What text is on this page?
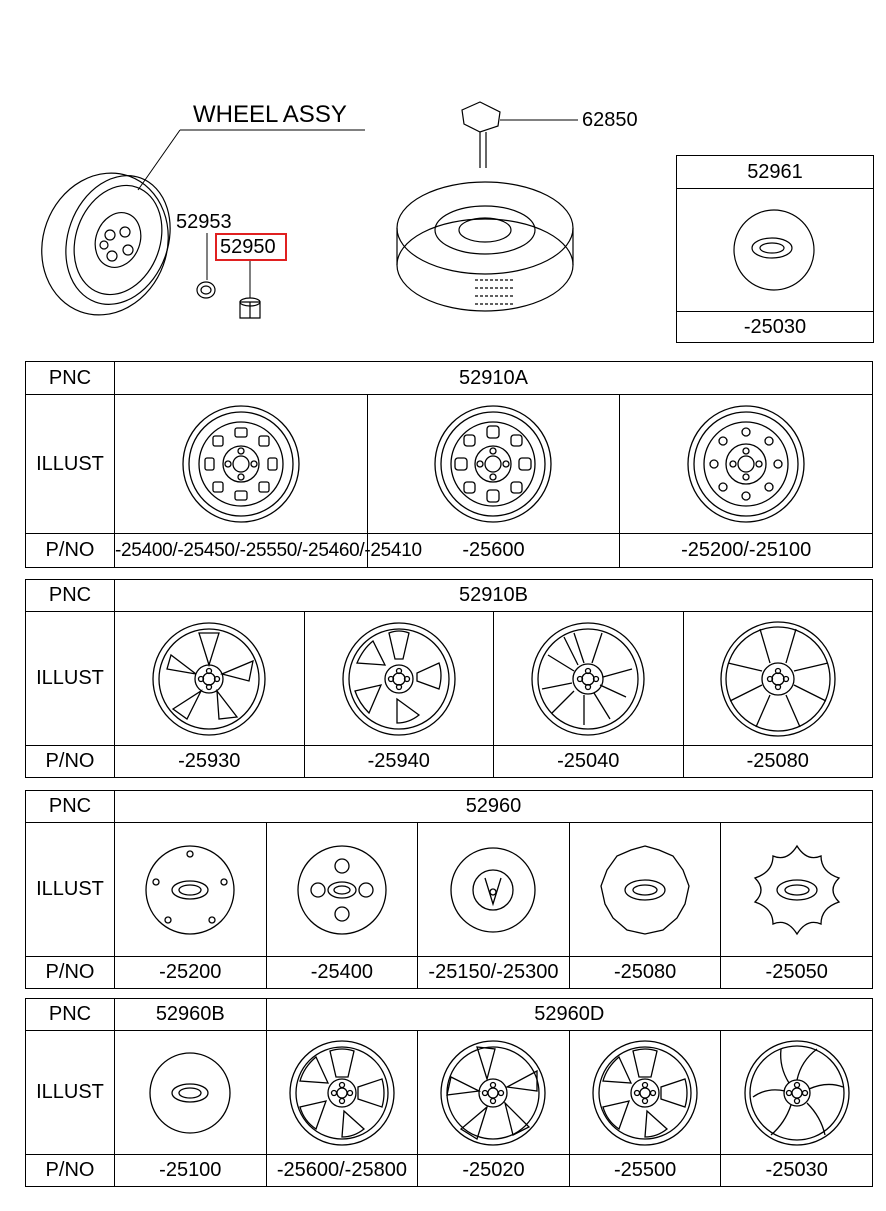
WHEEL ASSY
52953
52950
62850
52961
-25030
PNC	52910A		
ILLUST	

P/NO	-25400/-25450/-25550/-25460/-25410	-25600	-25200/-25100
PNC	52910B			
ILLUST	

P/NO	-25930	-25940	-25040	-25080
PNC	52960				
ILLUST	

P/NO	-25200	-25400	-25150/-25300	-25080	-25050
PNC	52960B	52960D			
ILLUST	

P/NO	-25100	-25600/-25800	-25020	-25500	-25030
